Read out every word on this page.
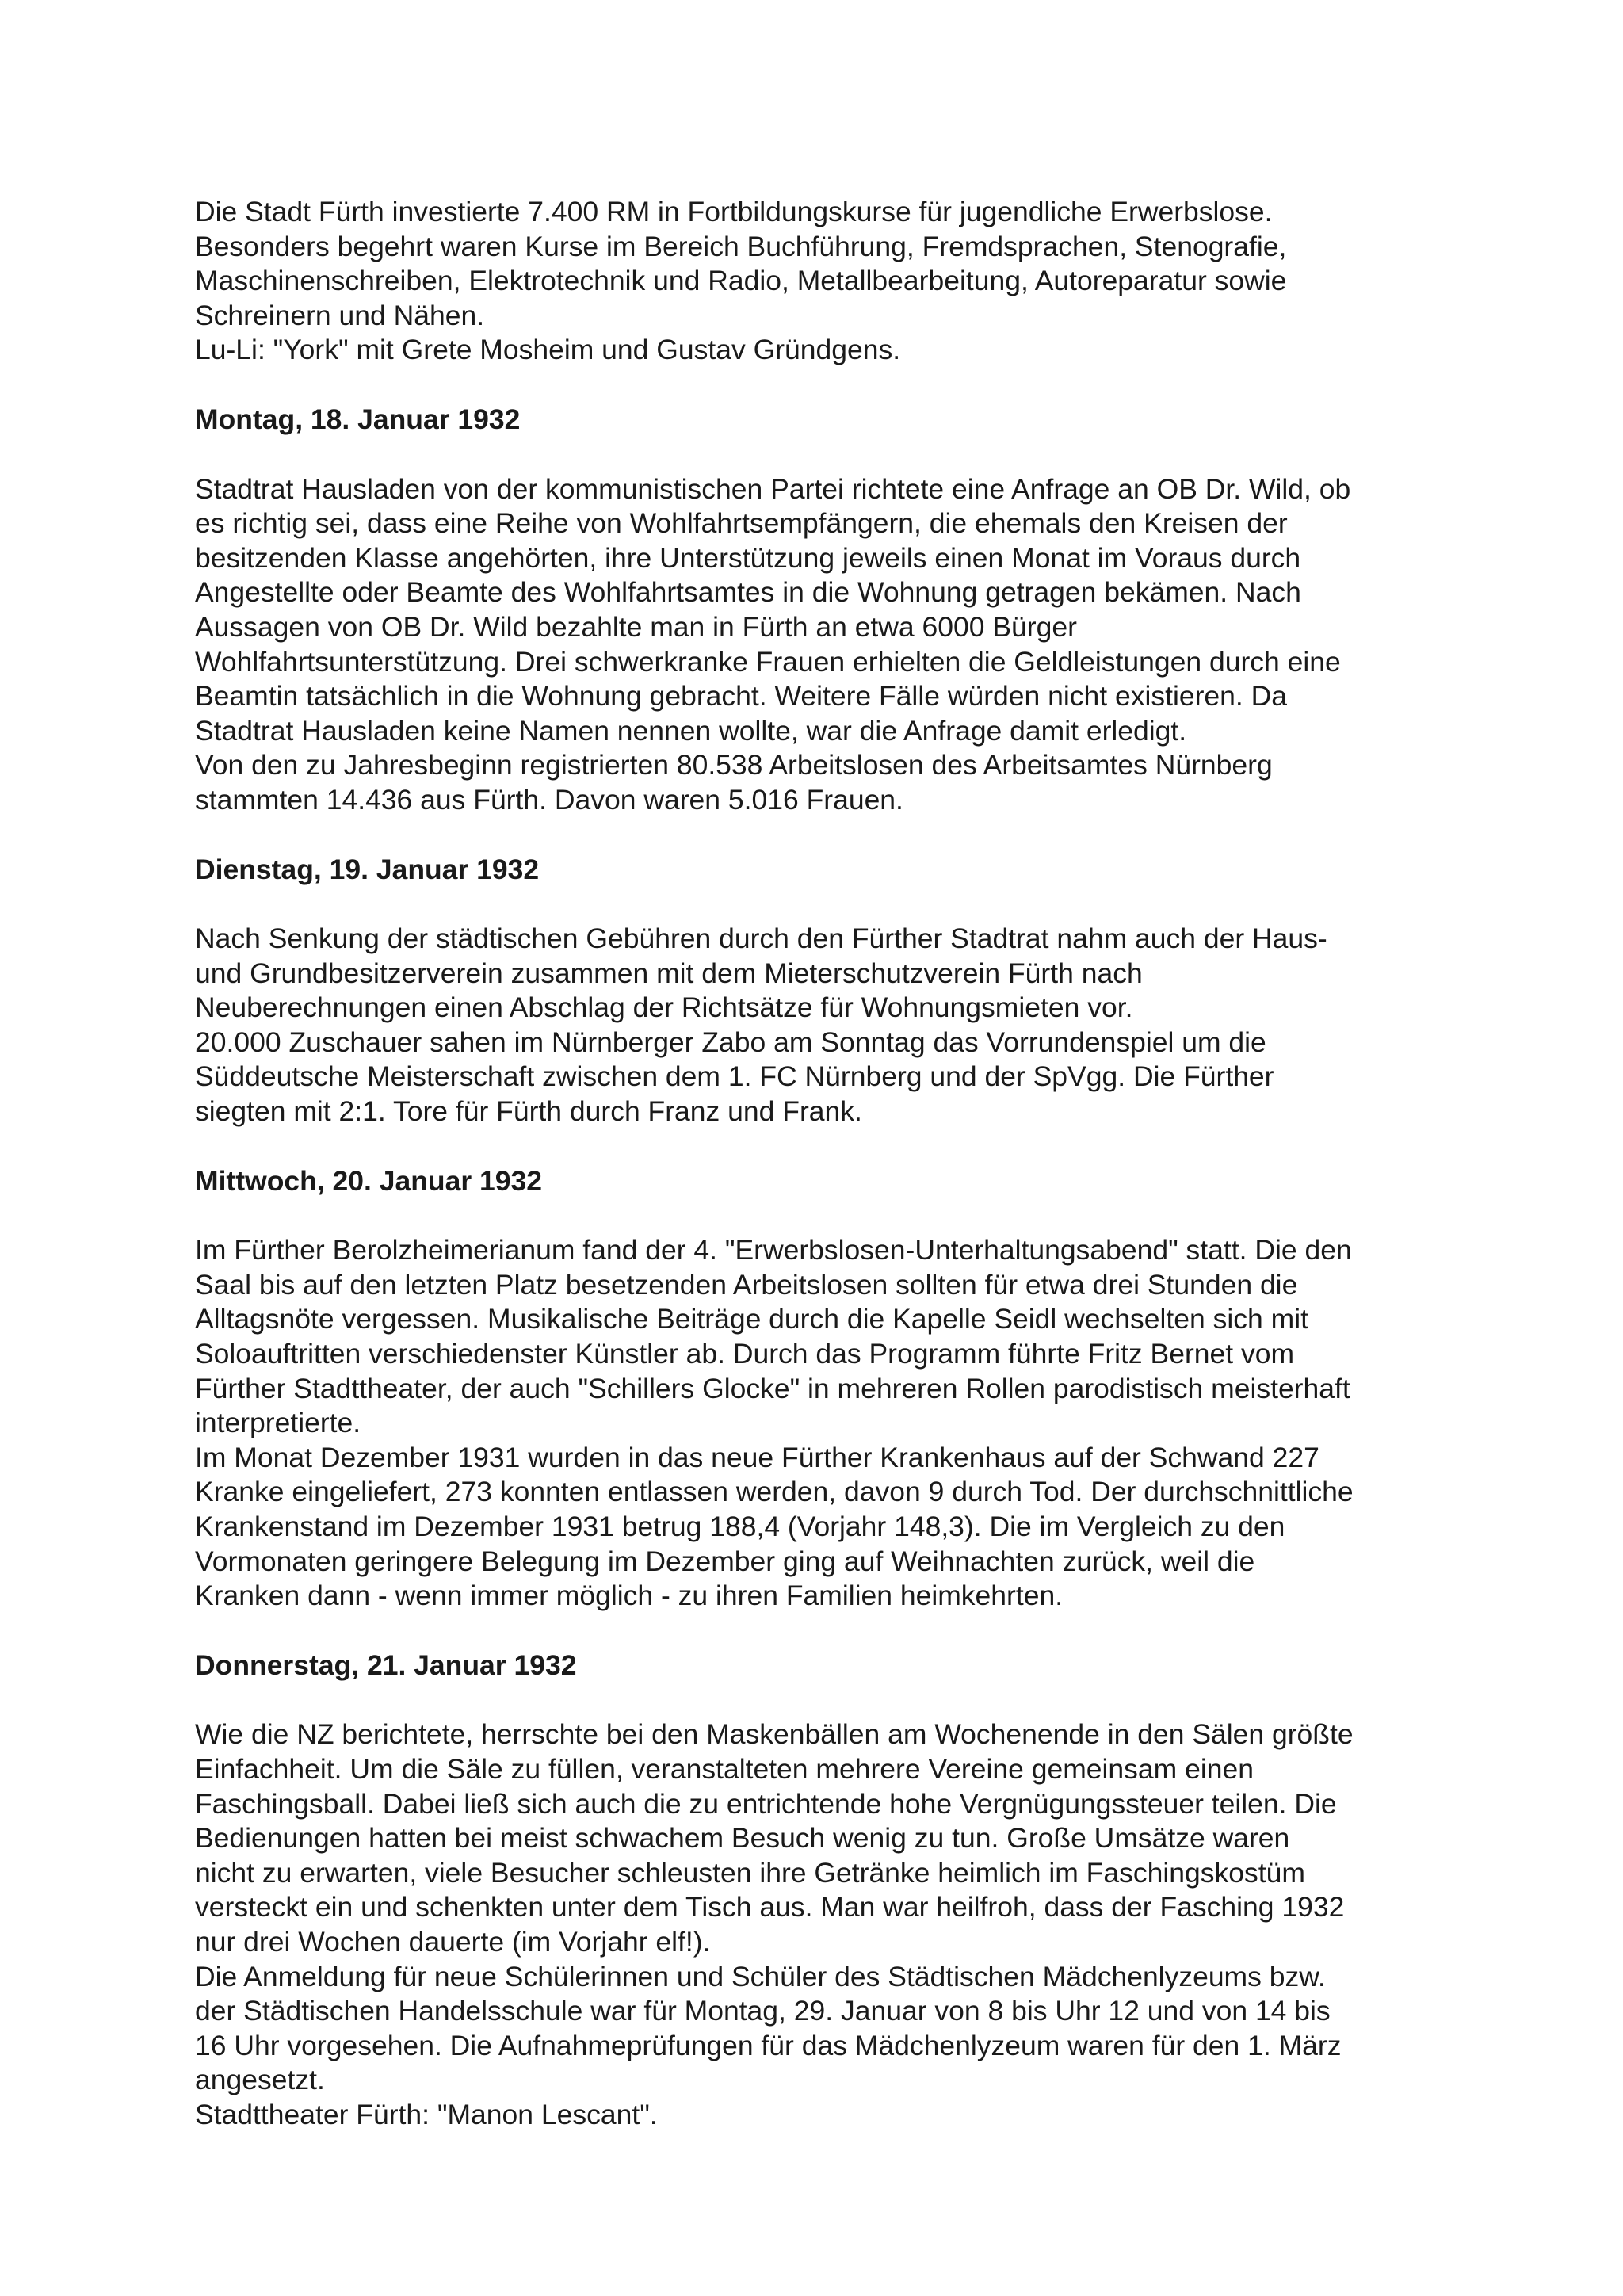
Die Stadt Fürth investierte 7.400 RM in Fortbildungskurse für jugendliche Erwerbslose.

Besonders begehrt waren Kurse im Bereich Buchführung, Fremdsprachen, Stenografie,

Maschinenschreiben, Elektrotechnik und Radio, Metallbearbeitung, Autoreparatur sowie

Schreinern und Nähen.

Lu-Li: "York" mit Grete Mosheim und Gustav Gründgens.

Montag, 18. Januar 1932

Stadtrat Hausladen von der kommunistischen Partei richtete eine Anfrage an OB Dr. Wild, ob

es richtig sei, dass eine Reihe von Wohlfahrtsempfängern, die ehemals den Kreisen der

besitzenden Klasse angehörten, ihre Unterstützung jeweils einen Monat im Voraus durch

Angestellte oder Beamte des Wohlfahrtsamtes in die Wohnung getragen bekämen. Nach

Aussagen von OB Dr. Wild bezahlte man in Fürth an etwa 6000 Bürger

Wohlfahrtsunterstützung. Drei schwerkranke Frauen erhielten die Geldleistungen durch eine

Beamtin tatsächlich in die Wohnung gebracht. Weitere Fälle würden nicht existieren. Da

Stadtrat Hausladen keine Namen nennen wollte, war die Anfrage damit erledigt.

Von den zu Jahresbeginn registrierten 80.538 Arbeitslosen des Arbeitsamtes Nürnberg

stammten 14.436 aus Fürth. Davon waren 5.016 Frauen.

Dienstag, 19. Januar 1932

Nach Senkung der städtischen Gebühren durch den Fürther Stadtrat nahm auch der Haus-

und Grundbesitzerverein zusammen mit dem Mieterschutzverein Fürth nach

Neuberechnungen einen Abschlag der Richtsätze für Wohnungsmieten vor.

20.000 Zuschauer sahen im Nürnberger Zabo am Sonntag das Vorrundenspiel um die

Süddeutsche Meisterschaft zwischen dem 1. FC Nürnberg und der SpVgg. Die Fürther

siegten mit 2:1. Tore für Fürth durch Franz und Frank.

Mittwoch, 20. Januar 1932

Im Fürther Berolzheimerianum fand der 4. "Erwerbslosen-Unterhaltungsabend" statt. Die den

Saal bis auf den letzten Platz besetzenden Arbeitslosen sollten für etwa drei Stunden die

Alltagsnöte vergessen. Musikalische Beiträge durch die Kapelle Seidl wechselten sich mit

Soloauftritten verschiedenster Künstler ab. Durch das Programm führte Fritz Bernet vom

Fürther Stadttheater, der auch "Schillers Glocke" in mehreren Rollen parodistisch meisterhaft

interpretierte.

Im Monat Dezember 1931 wurden in das neue Fürther Krankenhaus auf der Schwand 227

Kranke eingeliefert, 273 konnten entlassen werden, davon 9 durch Tod. Der durchschnittliche

Krankenstand im Dezember 1931 betrug 188,4 (Vorjahr 148,3). Die im Vergleich zu den

Vormonaten geringere Belegung im Dezember ging auf Weihnachten zurück, weil die

Kranken dann - wenn immer möglich - zu ihren Familien heimkehrten.

Donnerstag, 21. Januar 1932

Wie die NZ berichtete, herrschte bei den Maskenbällen am Wochenende in den Sälen größte

Einfachheit. Um die Säle zu füllen, veranstalteten mehrere Vereine gemeinsam einen

Faschingsball. Dabei ließ sich auch die zu entrichtende hohe Vergnügungssteuer teilen. Die

Bedienungen hatten bei meist schwachem Besuch wenig zu tun. Große Umsätze waren

nicht zu erwarten, viele Besucher schleusten ihre Getränke heimlich im Faschingskostüm

versteckt ein und schenkten unter dem Tisch aus. Man war heilfroh, dass der Fasching 1932

nur drei Wochen dauerte (im Vorjahr elf!).

Die Anmeldung für neue Schülerinnen und Schüler des Städtischen Mädchenlyzeums bzw.

der Städtischen Handelsschule war für Montag, 29. Januar von 8 bis Uhr 12 und von 14 bis

16 Uhr vorgesehen. Die Aufnahmeprüfungen für das Mädchenlyzeum waren für den 1. März

angesetzt.

Stadttheater Fürth: "Manon Lescant".
